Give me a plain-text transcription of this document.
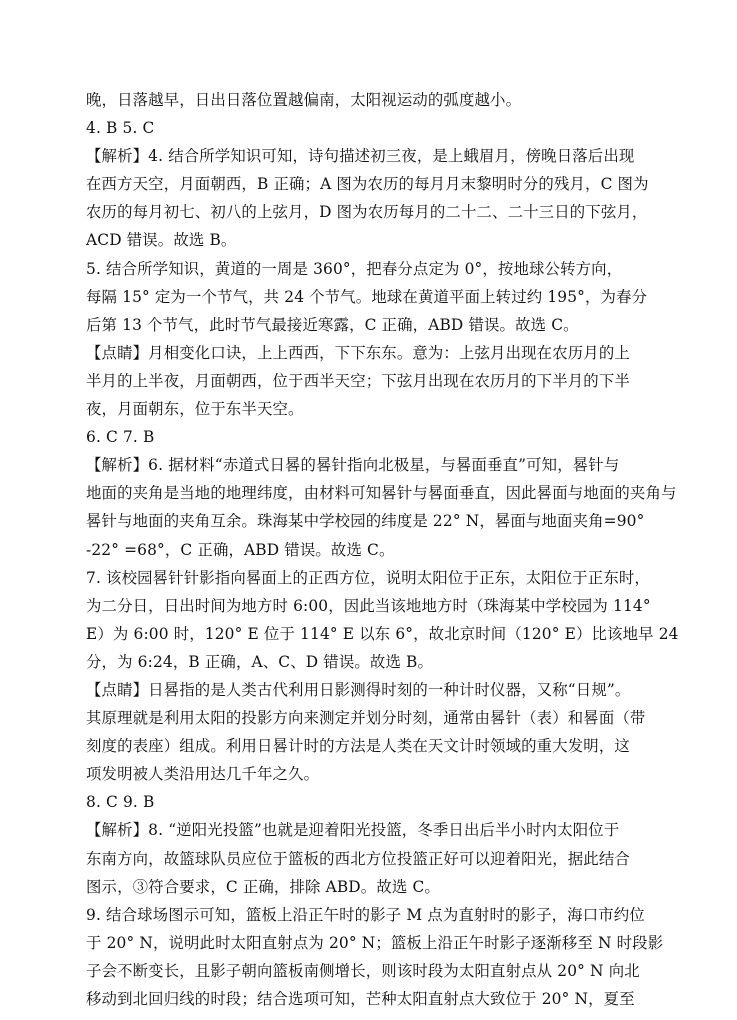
晚，日落越早，日出日落位置越偏南，太阳视运动的弧度越小。
4. B 5. C
【解析】4. 结合所学知识可知，诗句描述初三夜，是上蛾眉月，傍晚日落后出现
在西方天空，月面朝西，B 正确；A 图为农历的每月月末黎明时分的残月，C 图为
农历的每月初七、初八的上弦月，D 图为农历每月的二十二、二十三日的下弦月，
ACD 错误。故选 B。
5. 结合所学知识，黄道的一周是 360°，把春分点定为 0°，按地球公转方向，
每隔 15° 定为一个节气，共 24 个节气。地球在黄道平面上转过约 195°，为春分
后第 13 个节气，此时节气最接近寒露，C 正确，ABD 错误。故选 C。
【点睛】月相变化口诀，上上西西，下下东东。意为：上弦月出现在农历月的上
半月的上半夜，月面朝西，位于西半天空；下弦月出现在农历月的下半月的下半
夜，月面朝东，位于东半天空。
6. C 7. B
【解析】6. 据材料“赤道式日晷的晷针指向北极星，与晷面垂直”可知，晷针与
地面的夹角是当地的地理纬度，由材料可知晷针与晷面垂直，因此晷面与地面的夹角与
晷针与地面的夹角互余。珠海某中学校园的纬度是 22° N，晷面与地面夹角=90°
-22° =68°，C 正确，ABD 错误。故选 C。
7. 该校园晷针针影指向晷面上的正西方位，说明太阳位于正东，太阳位于正东时，
为二分日，日出时间为地方时 6:00，因此当该地地方时（珠海某中学校园为 114°
E）为 6:00 时，120° E 位于 114° E 以东 6°，故北京时间（120° E）比该地早 24
分，为 6:24，B 正确，A、C、D 错误。故选 B。
【点睛】日晷指的是人类古代利用日影测得时刻的一种计时仪器，又称“日规”。
其原理就是利用太阳的投影方向来测定并划分时刻，通常由晷针（表）和晷面（带
刻度的表座）组成。利用日晷计时的方法是人类在天文计时领域的重大发明，这
项发明被人类沿用达几千年之久。
8. C 9. B
【解析】8. “逆阳光投篮”也就是迎着阳光投篮，冬季日出后半小时内太阳位于
东南方向，故篮球队员应位于篮板的西北方位投篮正好可以迎着阳光，据此结合
图示，③符合要求，C 正确，排除 ABD。故选 C。
9. 结合球场图示可知，篮板上沿正午时的影子 M 点为直射时的影子，海口市约位
于 20° N，说明此时太阳直射点为 20° N；篮板上沿正午时影子逐渐移至 N 时段影
子会不断变长，且影子朝向篮板南侧增长，则该时段为太阳直射点从 20° N 向北
移动到北回归线的时段；结合选项可知，芒种太阳直射点大致位于 20° N，夏至
